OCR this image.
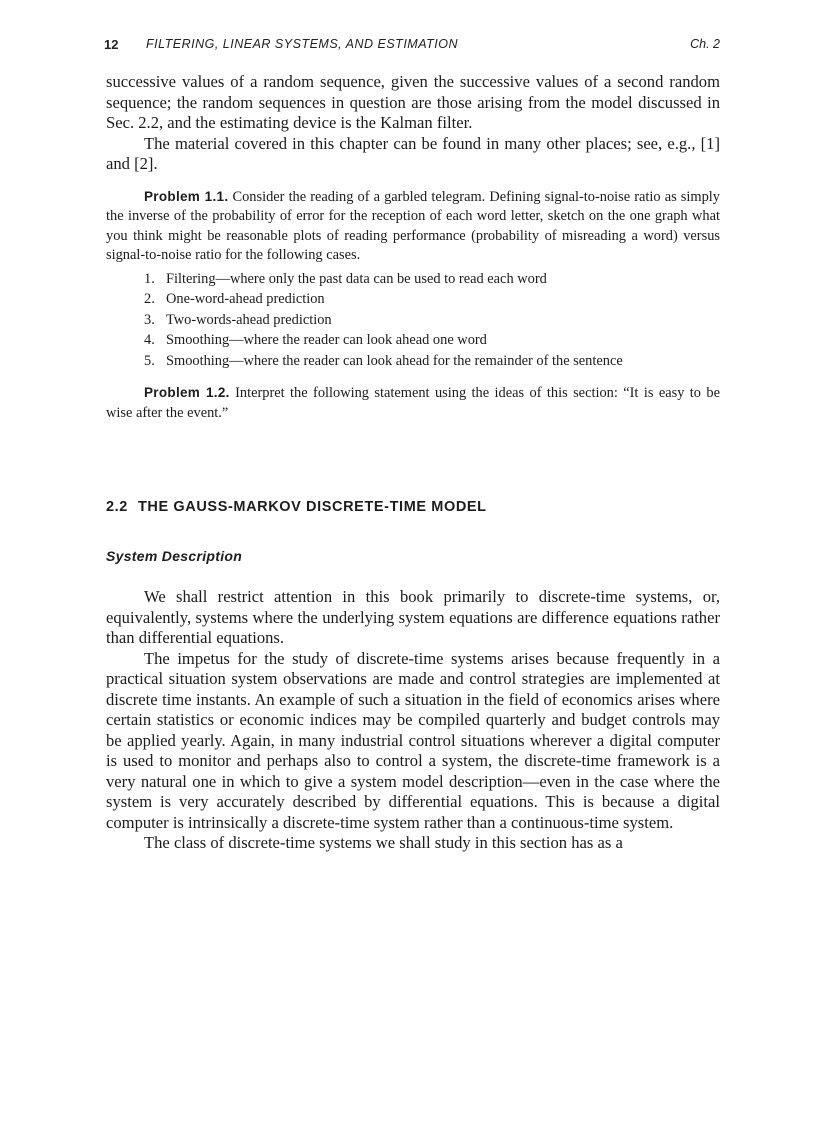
12 FILTERING, LINEAR SYSTEMS, AND ESTIMATION	Ch. 2

successive values of a random sequence, given the successive values of a second random sequence; the random sequences in question are those arising from the model discussed in Sec. 2.2, and the estimating device is the Kalman filter.

The material covered in this chapter can be found in many other places; see, e.g., [1] and [2].

Problem 1.1. Consider the reading of a garbled telegram. Defining signal-to-noise ratio as simply the inverse of the probability of error for the reception of each word letter, sketch on the one graph what you think might be reasonable plots of reading performance (probability of misreading a word) versus signal-to-noise ratio for the following cases.

1. Filtering—where only the past data can be used to read each word
2. One-word-ahead prediction
3. Two-words-ahead prediction
4. Smoothing—where the reader can look ahead one word
5. Smoothing—where the reader can look ahead for the remainder of the sentence

Problem 1.2. Interpret the following statement using the ideas of this section: “It is easy to be wise after the event.”

2.2 THE GAUSS-MARKOV DISCRETE-TIME MODEL
System Description

We shall restrict attention in this book primarily to discrete-time systems, or, equivalently, systems where the underlying system equations are difference equations rather than differential equations.

The impetus for the study of discrete-time systems arises because frequently in a practical situation system observations are made and control strategies are implemented at discrete time instants. An example of such a situation in the field of economics arises where certain statistics or economic indices may be compiled quarterly and budget controls may be applied yearly. Again, in many industrial control situations wherever a digital computer is used to monitor and perhaps also to control a system, the discrete-time framework is a very natural one in which to give a system model description—even in the case where the system is very accurately described by differential equations. This is because a digital computer is intrinsically a discrete-time system rather than a continuous-time system.

The class of discrete-time systems we shall study in this section has as a
